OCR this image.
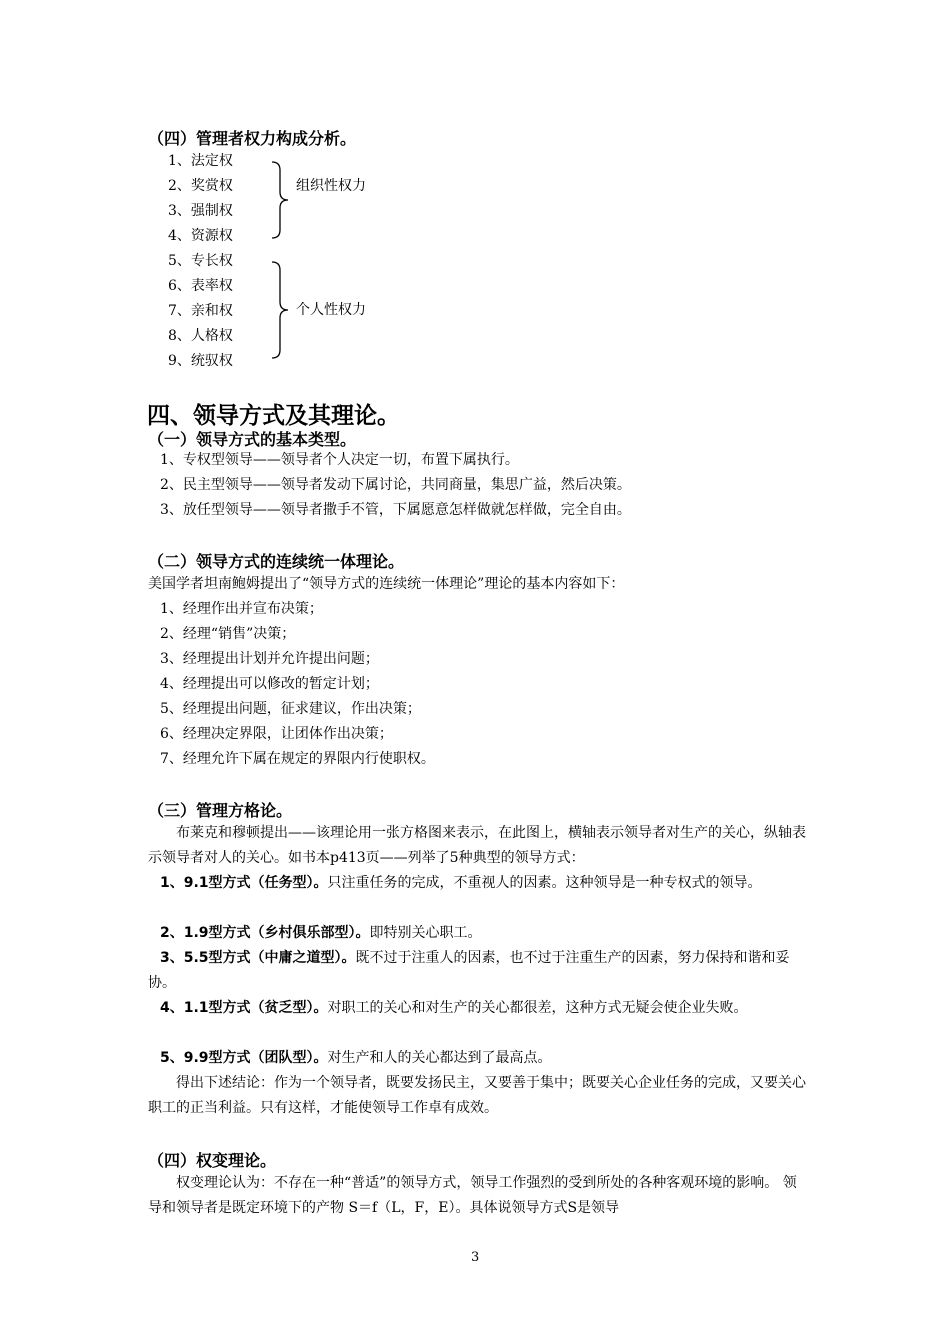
（四）管理者权力构成分析。
1、法定权
2、奖赏权
3、强制权
4、资源权
5、专长权
6、表率权
7、亲和权
8、人格权
9、统驭权
组织性权力
个人性权力
四、领导方式及其理论。
（一）领导方式的基本类型。
1、专权型领导——领导者个人决定一切，布置下属执行。
2、民主型领导——领导者发动下属讨论，共同商量，集思广益，然后决策。
3、放任型领导——领导者撒手不管，下属愿意怎样做就怎样做，完全自由。
（二）领导方式的连续统一体理论。
美国学者坦南鲍姆提出了“领导方式的连续统一体理论”理论的基本内容如下：
1、经理作出并宣布决策；
2、经理“销售”决策；
3、经理提出计划并允许提出问题；
4、经理提出可以修改的暂定计划；
5、经理提出问题，征求建议，作出决策；
6、经理决定界限，让团体作出决策；
7、经理允许下属在规定的界限内行使职权。
（三）管理方格论。
布莱克和穆顿提出——该理论用一张方格图来表示，在此图上，横轴表示领导者对生产的关心，纵轴表示领导者对人的关心。如书本p413页——列举了5种典型的领导方式：
1、9.1型方式（任务型）。只注重任务的完成，不重视人的因素。这种领导是一种专权式的领导。
2、1.9型方式（乡村俱乐部型）。即特别关心职工。
3、5.5型方式（中庸之道型）。既不过于注重人的因素，也不过于注重生产的因素，努力保持和谐和妥协。
4、1.1型方式（贫乏型）。对职工的关心和对生产的关心都很差，这种方式无疑会使企业失败。
5、9.9型方式（团队型）。对生产和人的关心都达到了最高点。
得出下述结论：作为一个领导者，既要发扬民主，又要善于集中；既要关心企业任务的完成，又要关心职工的正当利益。只有这样，才能使领导工作卓有成效。
（四）权变理论。
权变理论认为：不存在一种“普适”的领导方式，领导工作强烈的受到所处的各种客观环境的影响。 领导和领导者是既定环境下的产物 S＝f（L，F，E）。具体说领导方式S是领导
3
